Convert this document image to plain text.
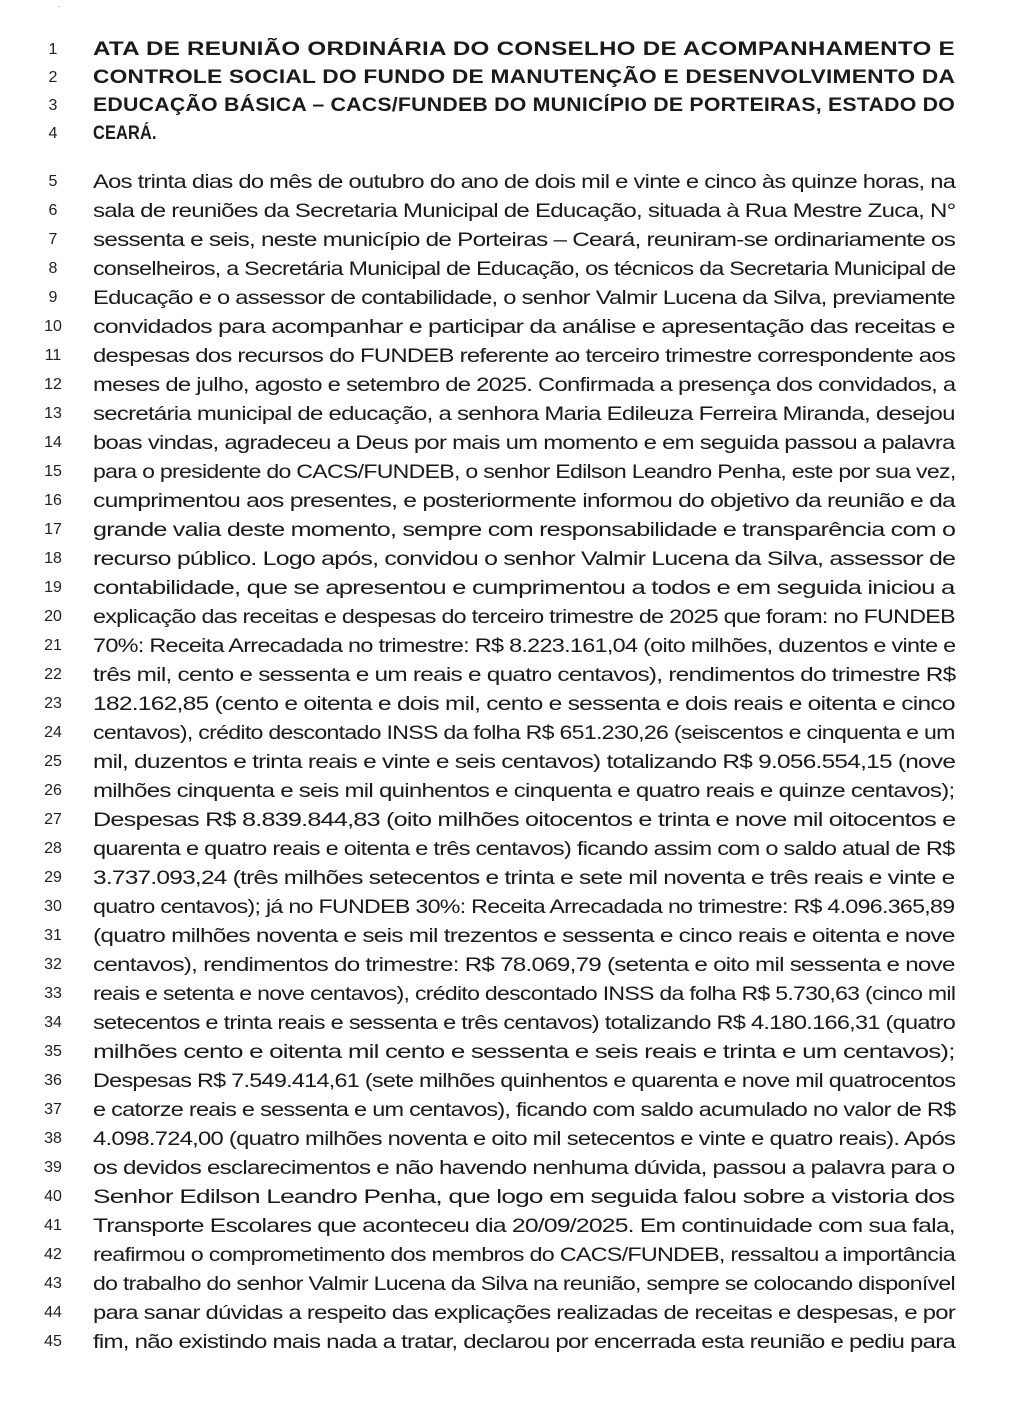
-
1	ATA DE REUNIÃO ORDINÁRIA DO CONSELHO DE ACOMPANHAMENTO E
2	CONTROLE SOCIAL DO FUNDO DE MANUTENÇÃO E DESENVOLVIMENTO DA
3	EDUCAÇÃO BÁSICA – CACS/FUNDEB DO MUNICÍPIO DE PORTEIRAS, ESTADO DO
4	CEARÁ.
5	Aos trinta dias do mês de outubro do ano de dois mil e vinte e cinco às quinze horas, na
6	sala de reuniões da Secretaria Municipal de Educação, situada à Rua Mestre Zuca, N°
7	sessenta e seis, neste município de Porteiras – Ceará, reuniram-se ordinariamente os
8	conselheiros, a Secretária Municipal de Educação, os técnicos da Secretaria Municipal de
9	Educação e o assessor de contabilidade, o senhor Valmir Lucena da Silva, previamente
10	convidados para acompanhar e participar da análise e apresentação das receitas e
11	despesas dos recursos do FUNDEB referente ao terceiro trimestre correspondente aos
12	meses de julho, agosto e setembro de 2025. Confirmada a presença dos convidados, a
13	secretária municipal de educação, a senhora Maria Edileuza Ferreira Miranda, desejou
14	boas vindas, agradeceu a Deus por mais um momento e em seguida passou a palavra
15	para o presidente do CACS/FUNDEB, o senhor Edilson Leandro Penha, este por sua vez,
16	cumprimentou aos presentes, e posteriormente informou do objetivo da reunião e da
17	grande valia deste momento, sempre com responsabilidade e transparência com o
18	recurso público. Logo após, convidou o senhor Valmir Lucena da Silva, assessor de
19	contabilidade, que se apresentou e cumprimentou a todos e em seguida iniciou a
20	explicação das receitas e despesas do terceiro trimestre de 2025 que foram: no FUNDEB
21	70%: Receita Arrecadada no trimestre: R$ 8.223.161,04 (oito milhões, duzentos e vinte e
22	três mil, cento e sessenta e um reais e quatro centavos), rendimentos do trimestre R$
23	182.162,85 (cento e oitenta e dois mil, cento e sessenta e dois reais e oitenta e cinco
24	centavos), crédito descontado INSS da folha R$ 651.230,26 (seiscentos e cinquenta e um
25	mil, duzentos e trinta reais e vinte e seis centavos) totalizando R$ 9.056.554,15 (nove
26	milhões cinquenta e seis mil quinhentos e cinquenta e quatro reais e quinze centavos);
27	Despesas R$ 8.839.844,83 (oito milhões oitocentos e trinta e nove mil oitocentos e
28	quarenta e quatro reais e oitenta e três centavos) ficando assim com o saldo atual de R$
29	3.737.093,24 (três milhões setecentos e trinta e sete mil noventa e três reais e vinte e
30	quatro centavos); já no FUNDEB 30%: Receita Arrecadada no trimestre: R$ 4.096.365,89
31	(quatro milhões noventa e seis mil trezentos e sessenta e cinco reais e oitenta e nove
32	centavos), rendimentos do trimestre: R$ 78.069,79 (setenta e oito mil sessenta e nove
33	reais e setenta e nove centavos), crédito descontado INSS da folha R$ 5.730,63 (cinco mil
34	setecentos e trinta reais e sessenta e três centavos) totalizando R$ 4.180.166,31 (quatro
35	milhões cento e oitenta mil cento e sessenta e seis reais e trinta e um centavos);
36	Despesas R$ 7.549.414,61 (sete milhões quinhentos e quarenta e nove mil quatrocentos
37	e catorze reais e sessenta e um centavos), ficando com saldo acumulado no valor de R$
38	4.098.724,00 (quatro milhões noventa e oito mil setecentos e vinte e quatro reais). Após
39	os devidos esclarecimentos e não havendo nenhuma dúvida, passou a palavra para o
40	Senhor Edilson Leandro Penha, que logo em seguida falou sobre a vistoria dos
41	Transporte Escolares que aconteceu dia 20/09/2025. Em continuidade com sua fala,
42	reafirmou o comprometimento dos membros do CACS/FUNDEB, ressaltou a importância
43	do trabalho do senhor Valmir Lucena da Silva na reunião, sempre se colocando disponível
44	para sanar dúvidas a respeito das explicações realizadas de receitas e despesas, e por
45	fim, não existindo mais nada a tratar, declarou por encerrada esta reunião e pediu para
